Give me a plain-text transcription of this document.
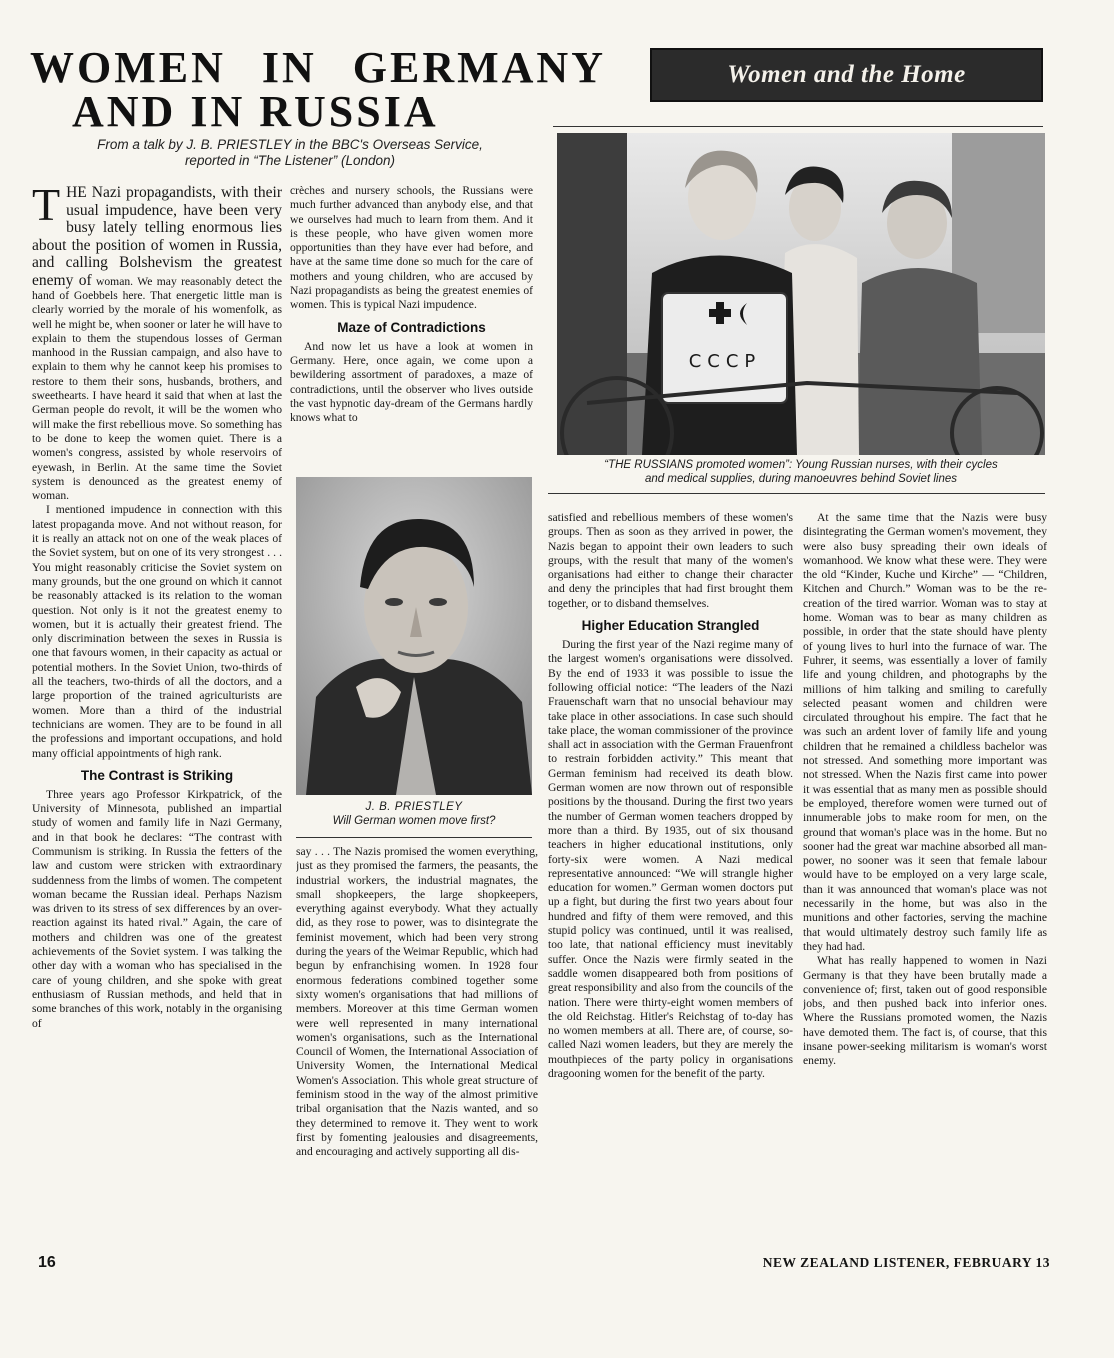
WOMEN IN GERMANY
AND IN RUSSIA
Women and the Home
From a talk by J. B. PRIESTLEY in the BBC's Overseas Service,
reported in “The Listener” (London)

THE Nazi propagandists, with their usual impudence, have been very busy lately telling enormous lies about the position of women in Russia, and calling Bolshevism the greatest enemy of woman. We may reasonably detect the hand of Goebbels here. That energetic little man is clearly worried by the morale of his womenfolk, as well he might be, when sooner or later he will have to explain to them the stupendous losses of German manhood in the Russian campaign, and also have to explain to them why he cannot keep his promises to restore to them their sons, husbands, brothers, and sweethearts. I have heard it said that when at last the German people do revolt, it will be the women who will make the first rebellious move. So something has to be done to keep the women quiet. There is a women's congress, assisted by whole reservoirs of eyewash, in Berlin. At the same time the Soviet system is denounced as the greatest enemy of woman.

I mentioned impudence in connection with this latest propaganda move. And not without reason, for it is really an attack not on one of the weak places of the Soviet system, but on one of its very strongest . . . You might reasonably criticise the Soviet system on many grounds, but the one ground on which it cannot be reasonably attacked is its relation to the woman question. Not only is it not the greatest enemy to women, but it is actually their greatest friend. The only discrimination between the sexes in Russia is one that favours women, in their capacity as actual or potential mothers. In the Soviet Union, two-thirds of all the teachers, two-thirds of all the doctors, and a large proportion of the trained agriculturists are women. More than a third of the industrial technicians are women. They are to be found in all the professions and important occupations, and hold many official appointments of high rank.

The Contrast is Striking

Three years ago Professor Kirkpatrick, of the University of Minnesota, published an impartial study of women and family life in Nazi Germany, and in that book he declares: “The contrast with Communism is striking. In Russia the fetters of the law and custom were stricken with extraordinary suddenness from the limbs of women. The competent woman became the Russian ideal. Perhaps Nazism was driven to its stress of sex differences by an over-reaction against its hated rival.” Again, the care of mothers and children was one of the greatest achievements of the Soviet system. I was talking the other day with a woman who has specialised in the care of young children, and she spoke with great enthusiasm of Russian methods, and held that in some branches of this work, notably in the organising of

crèches and nursery schools, the Russians were much further advanced than anybody else, and that we ourselves had much to learn from them. And it is these people, who have given women more opportunities than they have ever had before, and have at the same time done so much for the care of mothers and young children, who are accused by Nazi propagandists as being the greatest enemies of women. This is typical Nazi impudence.

Maze of Contradictions

And now let us have a look at women in Germany. Here, once again, we come upon a bewildering assortment of paradoxes, a maze of contradictions, until the observer who lives outside the vast hypnotic day-dream of the Germans hardly knows what to

J. B. PRIESTLEY
Will German women move first?

say . . . The Nazis promised the women everything, just as they promised the farmers, the peasants, the industrial workers, the industrial magnates, the small shopkeepers, the large shopkeepers, everything against everybody. What they actually did, as they rose to power, was to disintegrate the feminist movement, which had been very strong during the years of the Weimar Republic, which had begun by enfranchising women. In 1928 four enormous federations combined together some sixty women's organisations that had millions of members. Moreover at this time German women were well represented in many international women's organisations, such as the International Council of Women, the International Association of University Women, the International Medical Women's Association. This whole great structure of feminism stood in the way of the almost primitive tribal organisation that the Nazis wanted, and so they determined to remove it. They went to work first by fomenting jealousies and disagreements, and encouraging and actively supporting all dis-

CCCP
“THE RUSSIANS promoted women”: Young Russian nurses, with their cycles
and medical supplies, during manoeuvres behind Soviet lines

satisfied and rebellious members of these women's groups. Then as soon as they arrived in power, the Nazis began to appoint their own leaders to such groups, with the result that many of the women's organisations had either to change their character and deny the principles that had first brought them together, or to disband themselves.

Higher Education Strangled

During the first year of the Nazi regime many of the largest women's organisations were dissolved. By the end of 1933 it was possible to issue the following official notice: “The leaders of the Nazi Frauenschaft warn that no unsocial behaviour may take place in other associations. In case such should take place, the woman commissioner of the province shall act in association with the German Frauenfront to restrain forbidden activity.” This meant that German feminism had received its death blow. German women are now thrown out of responsible positions by the thousand. During the first two years the number of German women teachers dropped by more than a third. By 1935, out of six thousand teachers in higher educational institutions, only forty-six were women. A Nazi medical representative announced: “We will strangle higher education for women.” German women doctors put up a fight, but during the first two years about four hundred and fifty of them were removed, and this stupid policy was continued, until it was realised, too late, that national efficiency must inevitably suffer. Once the Nazis were firmly seated in the saddle women disappeared both from positions of great responsibility and also from the councils of the nation. There were thirty-eight women members of the old Reichstag. Hitler's Reichstag of to-day has no women members at all. There are, of course, so-called Nazi women leaders, but they are merely the mouthpieces of the party policy in organisations dragooning women for the benefit of the party.

At the same time that the Nazis were busy disintegrating the German women's movement, they were also busy spreading their own ideals of womanhood. We know what these were. They were the old “Kinder, Kuche und Kirche” — “Children, Kitchen and Church.” Woman was to be the re-creation of the tired warrior. Woman was to stay at home. Woman was to bear as many children as possible, in order that the state should have plenty of young lives to hurl into the furnace of war. The Fuhrer, it seems, was essentially a lover of family life and young children, and photographs by the millions of him talking and smiling to carefully selected peasant women and children were circulated throughout his empire. The fact that he was such an ardent lover of family life and young children that he remained a childless bachelor was not stressed. And something more important was not stressed. When the Nazis first came into power it was essential that as many men as possible should be employed, therefore women were turned out of innumerable jobs to make room for men, on the ground that woman's place was in the home. But no sooner had the great war machine absorbed all man-power, no sooner was it seen that female labour would have to be employed on a very large scale, than it was announced that woman's place was not necessarily in the home, but was also in the munitions and other factories, serving the machine that would ultimately destroy such family life as they had had.

What has really happened to women in Nazi Germany is that they have been brutally made a convenience of; first, taken out of good responsible jobs, and then pushed back into inferior ones. Where the Russians promoted women, the Nazis have demoted them. The fact is, of course, that this insane power-seeking militarism is woman's worst enemy.

16	NEW ZEALAND LISTENER, FEBRUARY 13
